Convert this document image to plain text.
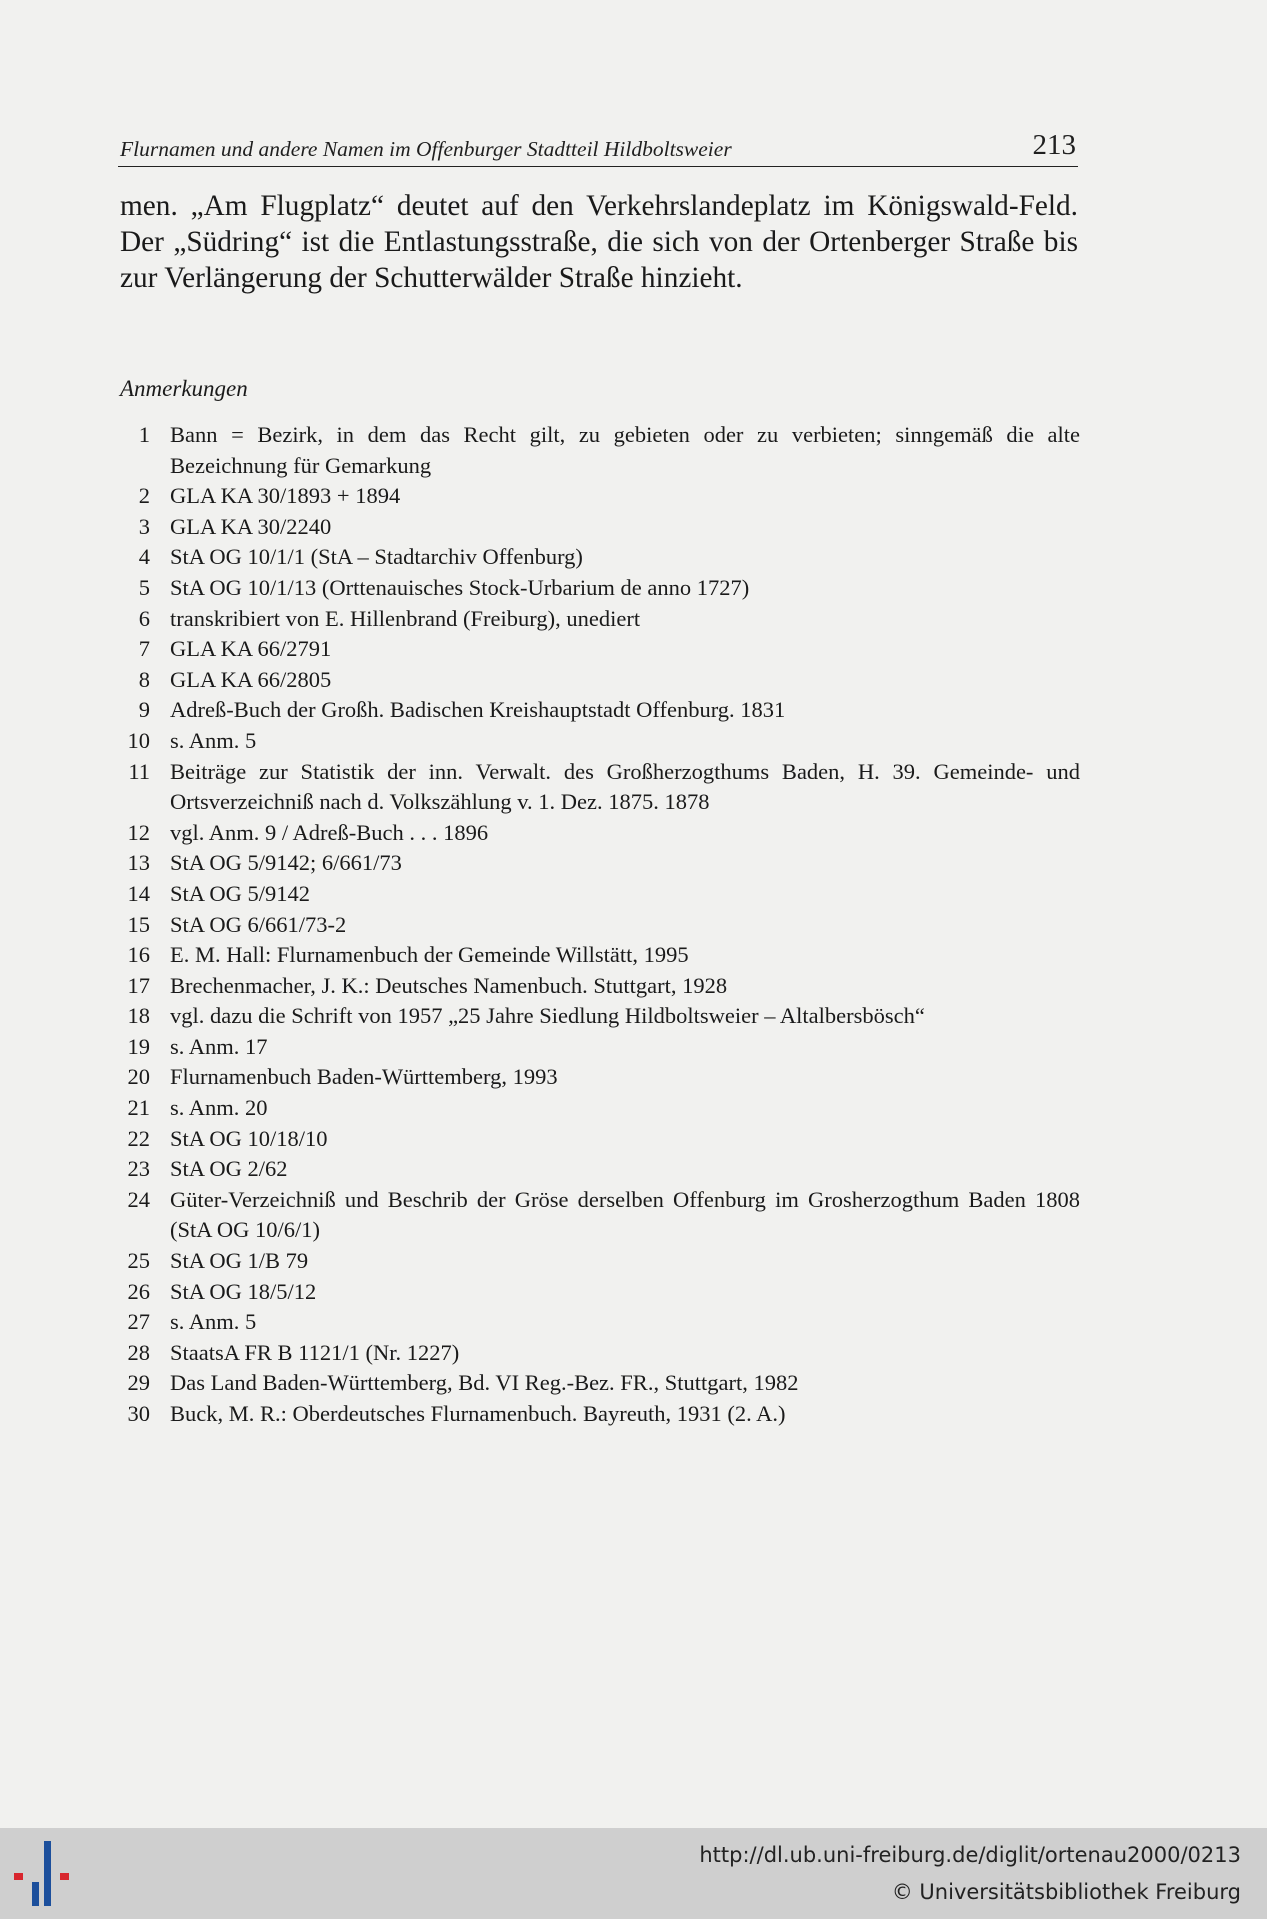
Flurnamen und andere Namen im Offenburger Stadtteil Hildboltsweier	213

men. „Am Flugplatz“ deutet auf den Verkehrslandeplatz im Königswald-Feld. Der „Südring“ ist die Entlastungsstraße, die sich von der Ortenberger Straße bis zur Verlängerung der Schutterwälder Straße hinzieht.

Anmerkungen

1 Bann = Bezirk, in dem das Recht gilt, zu gebieten oder zu verbieten; sinngemäß die alte Bezeichnung für Gemarkung
2 GLA KA 30/1893 + 1894
3 GLA KA 30/2240
4 StA OG 10/1/1 (StA – Stadtarchiv Offenburg)
5 StA OG 10/1/13 (Orttenauisches Stock-Urbarium de anno 1727)
6 transkribiert von E. Hillenbrand (Freiburg), unediert
7 GLA KA 66/2791
8 GLA KA 66/2805
9 Adreß-Buch der Großh. Badischen Kreishauptstadt Offenburg. 1831
10 s. Anm. 5
11 Beiträge zur Statistik der inn. Verwalt. des Großherzogthums Baden, H. 39. Gemeinde- und Ortsverzeichniß nach d. Volkszählung v. 1. Dez. 1875. 1878
12 vgl. Anm. 9 / Adreß-Buch . . . 1896
13 StA OG 5/9142; 6/661/73
14 StA OG 5/9142
15 StA OG 6/661/73-2
16 E. M. Hall: Flurnamenbuch der Gemeinde Willstätt, 1995
17 Brechenmacher, J. K.: Deutsches Namenbuch. Stuttgart, 1928
18 vgl. dazu die Schrift von 1957 „25 Jahre Siedlung Hildboltsweier – Altalbersbösch“
19 s. Anm. 17
20 Flurnamenbuch Baden-Württemberg, 1993
21 s. Anm. 20
22 StA OG 10/18/10
23 StA OG 2/62
24 Güter-Verzeichniß und Beschrib der Gröse derselben Offenburg im Grosherzogthum Baden 1808 (StA OG 10/6/1)
25 StA OG 1/B 79
26 StA OG 18/5/12
27 s. Anm. 5
28 StaatsA FR B 1121/1 (Nr. 1227)
29 Das Land Baden-Württemberg, Bd. VI Reg.-Bez. FR., Stuttgart, 1982
30 Buck, M. R.: Oberdeutsches Flurnamenbuch. Bayreuth, 1931 (2. A.)
http://dl.ub.uni-freiburg.de/diglit/ortenau2000/0213
© Universitätsbibliothek Freiburg
